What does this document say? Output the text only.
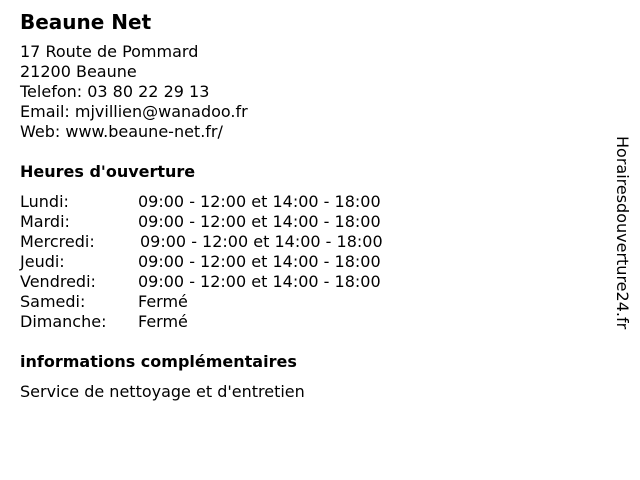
Beaune Net
17 Route de Pommard
21200 Beaune
Telefon: 03 80 22 29 13
Email: mjvillien@wanadoo.fr
Web: www.beaune-net.fr/
Heures d'ouverture
Lundi:	09:00 - 12:00 et 14:00 - 18:00
Mardi:	09:00 - 12:00 et 14:00 - 18:00
Mercredi:	09:00 - 12:00 et 14:00 - 18:00
Jeudi:	09:00 - 12:00 et 14:00 - 18:00
Vendredi:	09:00 - 12:00 et 14:00 - 18:00
Samedi:	Fermé
Dimanche: Fermé
informations complémentaires
Service de nettoyage et d'entretien
Horairesdouverture24.fr
